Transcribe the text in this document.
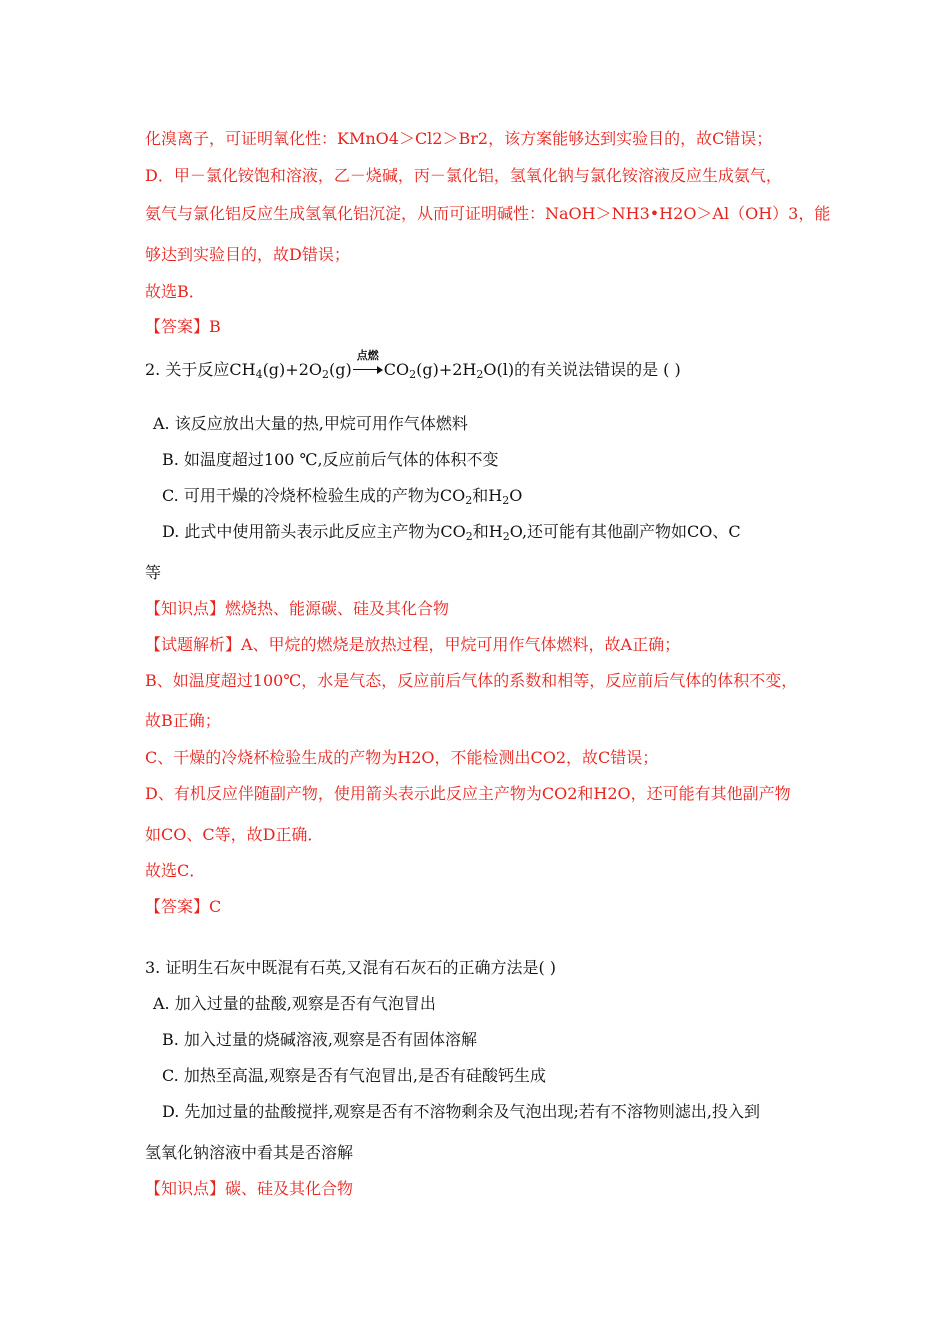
化溴离子，可证明氧化性：KMnO4＞Cl2＞Br2，该方案能够达到实验目的，故C错误；
D．甲－氯化铵饱和溶液，乙－烧碱，丙－氯化铝，氢氧化钠与氯化铵溶液反应生成氨气，
氨气与氯化铝反应生成氢氧化铝沉淀，从而可证明碱性：NaOH＞NH3•H2O＞Al（OH）3，能
够达到实验目的，故D错误；
故选B．
【答案】B
2. 关于反应$CH_4(g)+2O_2(g)$
点燃
$CO_2(g)+2H_2O(l)$的有关说法错误的是 ( )
A. 该反应放出大量的热,甲烷可用作气体燃料
B. 如温度超过100 ℃,反应前后气体的体积不变
C. 可用干燥的冷烧杯检验生成的产物为$CO_2$和$H_2O$
D. 此式中使用箭头表示此反应主产物为$CO_2$和$H_2O$,还可能有其他副产物如CO、C
等
【知识点】燃烧热、能源碳、硅及其化合物
【试题解析】A、甲烷的燃烧是放热过程，甲烷可用作气体燃料，故A正确；
B、如温度超过100℃，水是气态，反应前后气体的系数和相等，反应前后气体的体积不变，
故B正确；
C、干燥的冷烧杯检验生成的产物为H2O，不能检测出CO2，故C错误；
D、有机反应伴随副产物，使用箭头表示此反应主产物为CO2和H2O，还可能有其他副产物
如CO、C等，故D正确．
故选C．
【答案】C
3. 证明生石灰中既混有石英,又混有石灰石的正确方法是( )
A. 加入过量的盐酸,观察是否有气泡冒出
B. 加入过量的烧碱溶液,观察是否有固体溶解
C. 加热至高温,观察是否有气泡冒出,是否有硅酸钙生成
D. 先加过量的盐酸搅拌,观察是否有不溶物剩余及气泡出现;若有不溶物则滤出,投入到
氢氧化钠溶液中看其是否溶解
【知识点】碳、硅及其化合物
